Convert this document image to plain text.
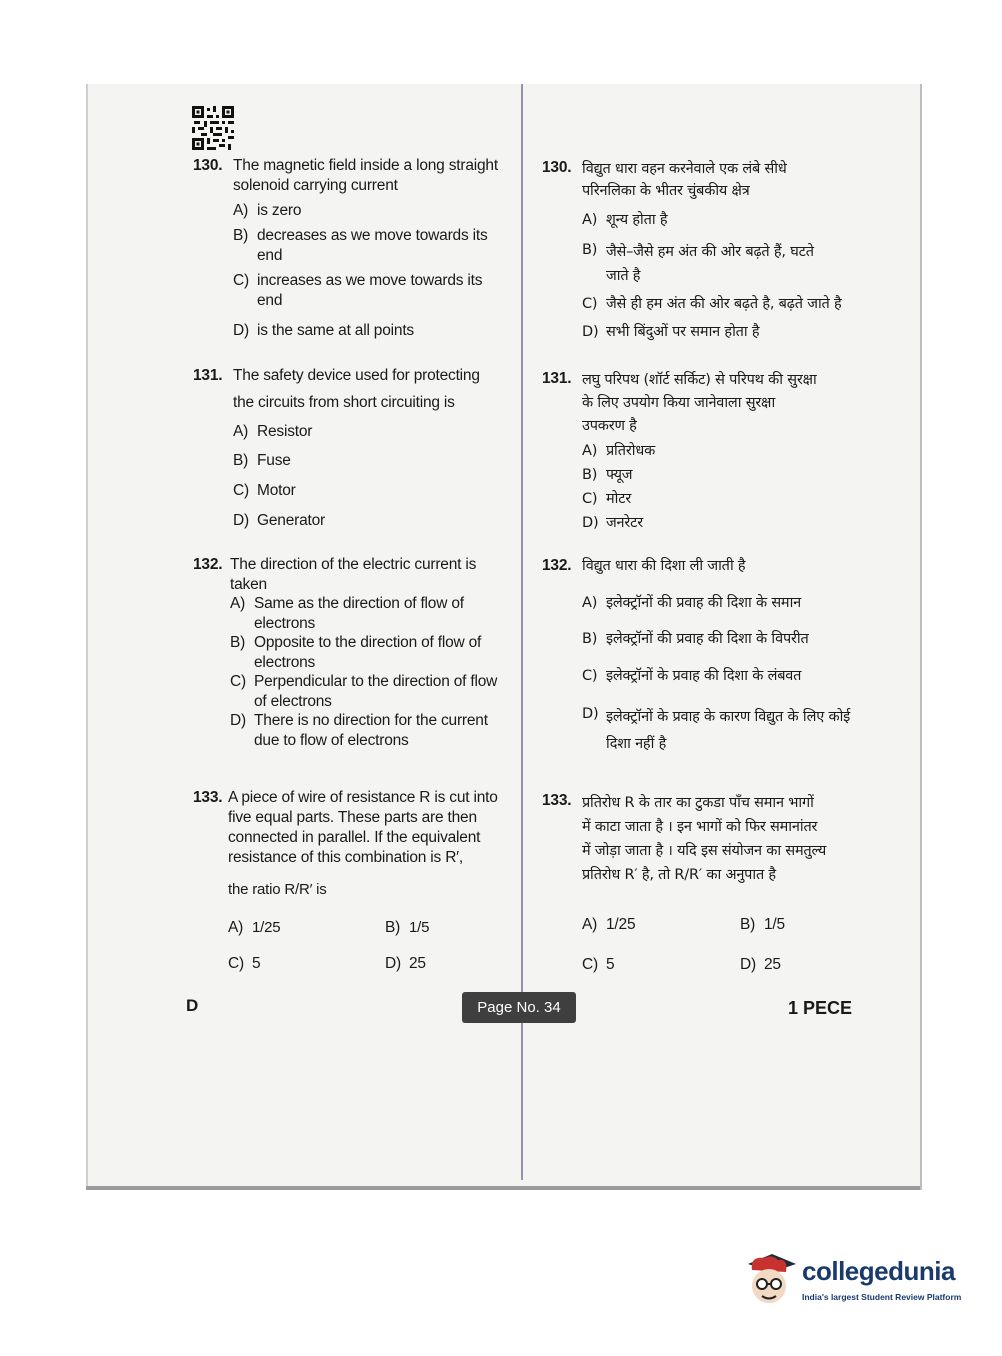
130. The magnetic field inside a long straight
solenoid carrying current
A) is zero
B) decreases as we move towards its
end
C) increases as we move towards its
end
D) is the same at all points
131. The safety device used for protecting
the circuits from short circuiting is
A) Resistor
B) Fuse
C) Motor
D) Generator
132. The direction of the electric current is
taken
A) Same as the direction of flow of
electrons
B) Opposite to the direction of flow of
electrons
C) Perpendicular to the direction of flow
of electrons
D) There is no direction for the current
due to flow of electrons
133. A piece of wire of resistance R is cut into
five equal parts. These parts are then
connected in parallel. If the equivalent
resistance of this combination is R′,
the ratio R/R′ is
A) 1/25	B) 1/5
C) 5	D) 25
130. विद्युत धारा वहन करनेवाले एक लंबे सीधे
परिनलिका के भीतर चुंबकीय क्षेत्र
A) शून्य होता है
B) जैसे–जैसे हम अंत की ओर बढ़ते हैं, घटते
जाते है
C) जैसे ही हम अंत की ओर बढ़ते है, बढ़ते जाते है
D) सभी बिंदुओं पर समान होता है
131. लघु परिपथ (शॉर्ट सर्किट) से परिपथ की सुरक्षा
के लिए उपयोग किया जानेवाला सुरक्षा
उपकरण है
A) प्रतिरोधक
B) फ्यूज
C) मोटर
D) जनरेटर
132. विद्युत धारा की दिशा ली जाती है
A) इलेक्ट्रॉनों की प्रवाह की दिशा के समान
B) इलेक्ट्रॉनों की प्रवाह की दिशा के विपरीत
C) इलेक्ट्रॉनों के प्रवाह की दिशा के लंबवत
D) इलेक्ट्रॉनों के प्रवाह के कारण विद्युत के लिए कोई
दिशा नहीं है
133. प्रतिरोध R के तार का टुकडा पाँच समान भागों
में काटा जाता है । इन भागों को फिर समानांतर
में जोड़ा जाता है । यदि इस संयोजन का समतुल्य
प्रतिरोध R′ है, तो R/R′ का अनुपात है
A) 1/25	B) 1/5
C) 5	D) 25
D	Page No. 34	1 PECE
collegedunia
India's largest Student Review Platform
